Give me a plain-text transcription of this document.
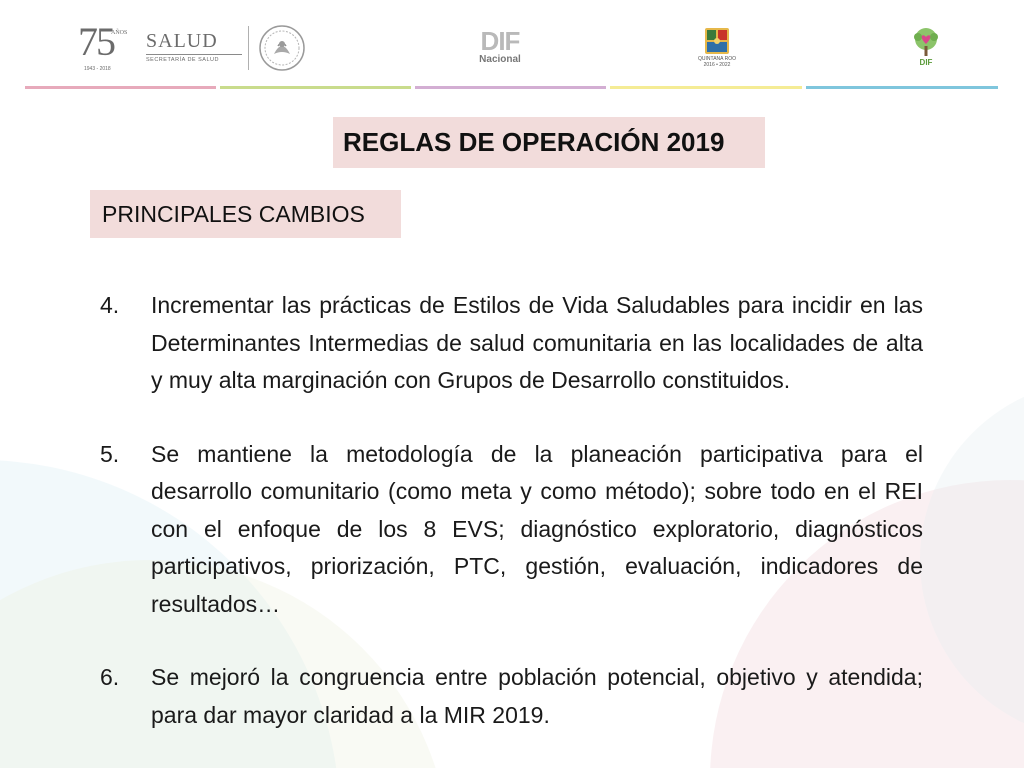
75
AÑOS
1943 - 2018
SALUD
SECRETARÍA DE SALUD
DIF
Nacional	QUINTANA ROO
2016 • 2022	DIF
REGLAS DE OPERACIÓN 2019
PRINCIPALES CAMBIOS
4. Incrementar las prácticas de Estilos de Vida Saludables para incidir en las Determinantes Intermedias de salud comunitaria en las localidades de alta y muy alta marginación con Grupos de Desarrollo constituidos.
5. Se mantiene la metodología de la planeación participativa para el desarrollo comunitario (como meta y como método); sobre todo en el REI con el enfoque de los 8 EVS; diagnóstico exploratorio, diagnósticos participativos, priorización, PTC, gestión, evaluación, indicadores de resultados…
6. Se mejoró la congruencia entre población potencial, objetivo y atendida; para dar mayor claridad a la MIR 2019.
